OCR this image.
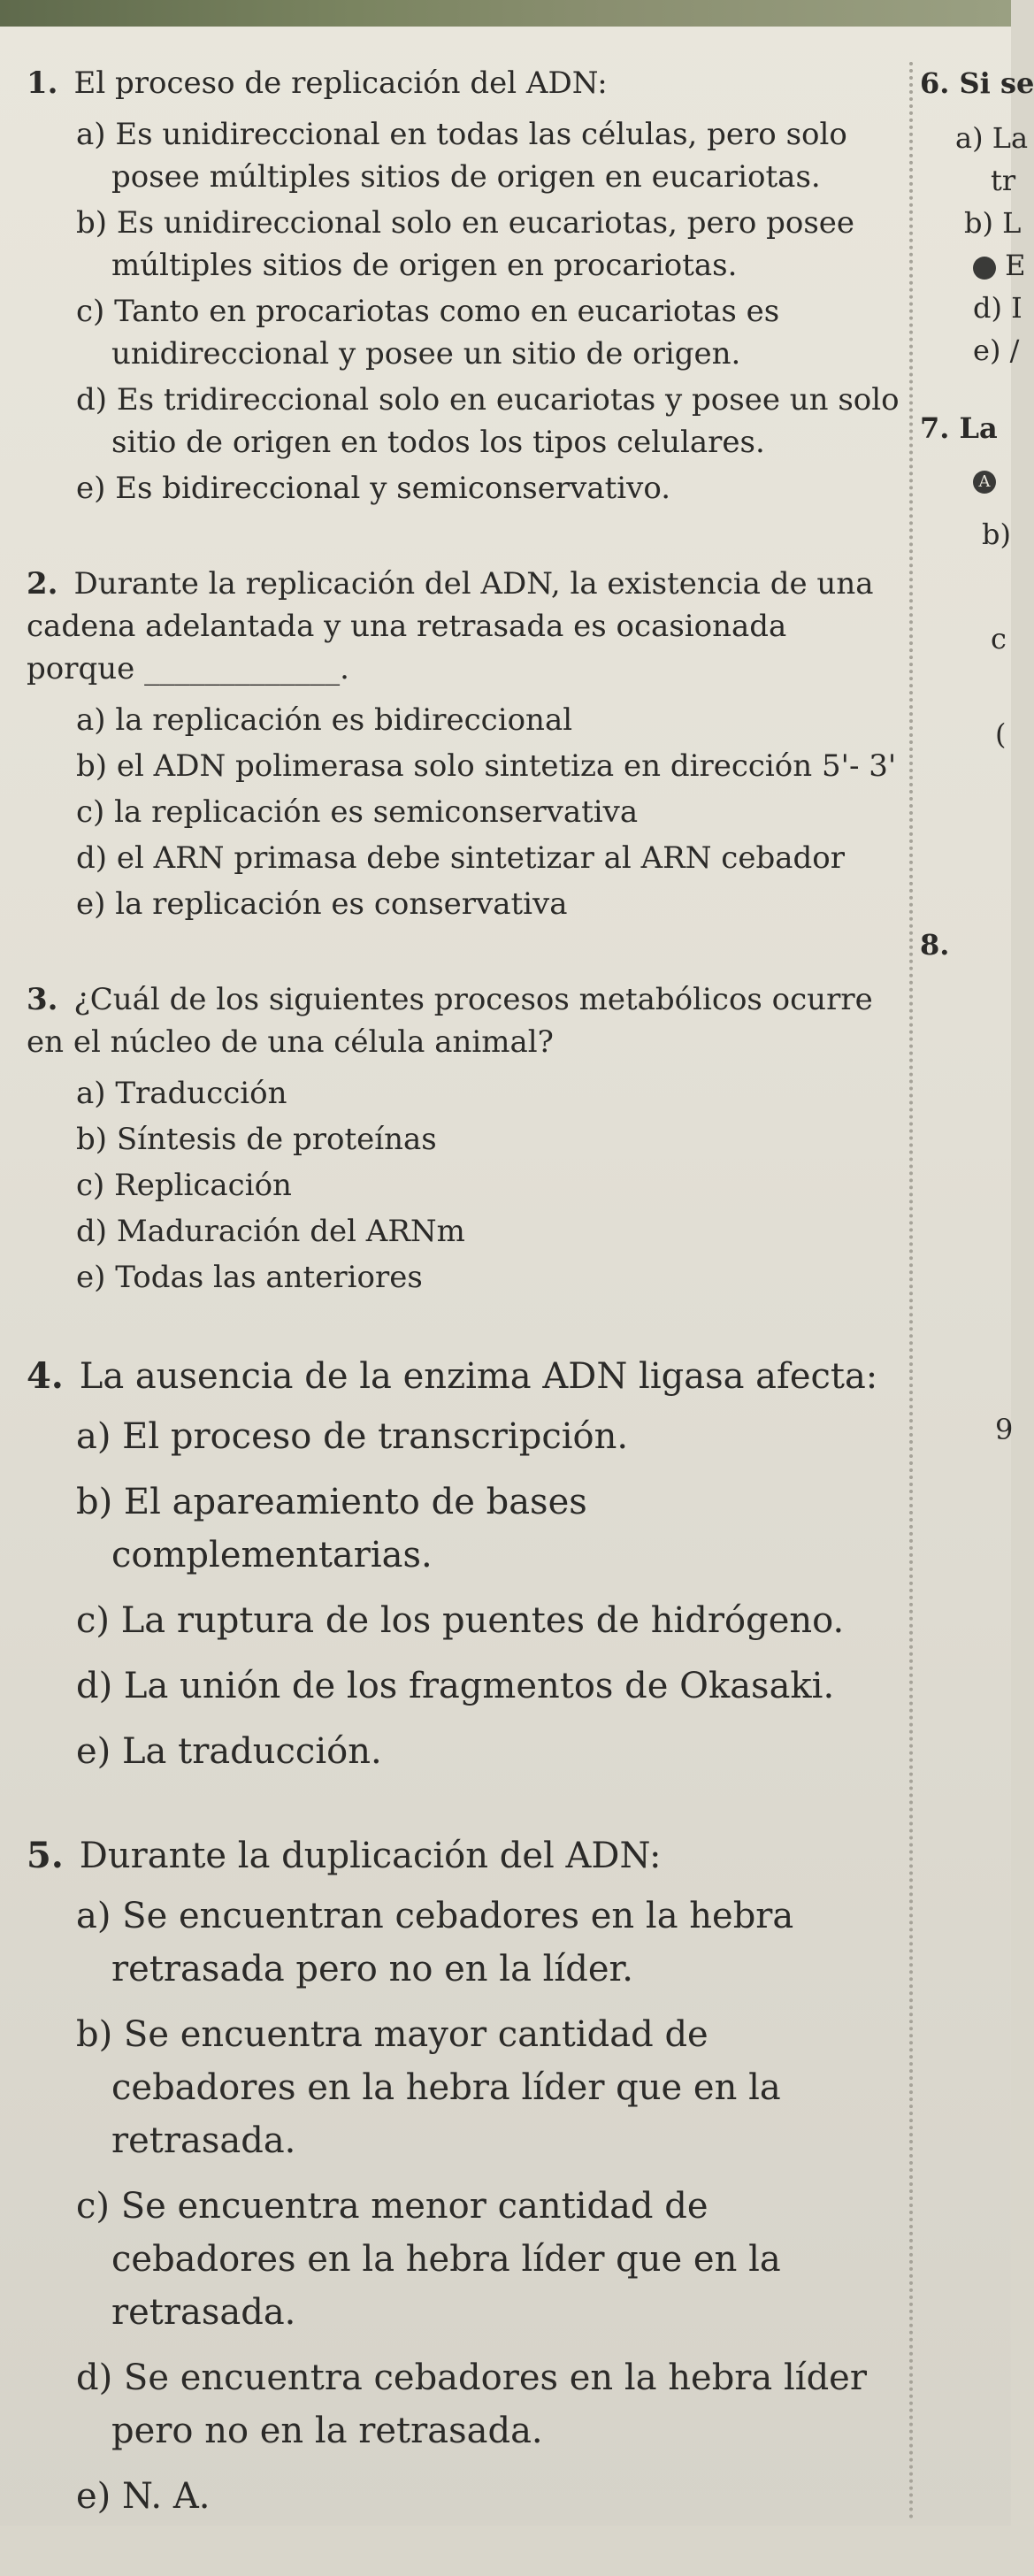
1. El proceso de replicación del ADN:

a) Es unidireccional en todas las células, pero solo posee múltiples sitios de origen en eucariotas.
b) Es unidireccional solo en eucariotas, pero posee múltiples sitios de origen en procariotas.
c) Tanto en procariotas como en eucariotas es unidireccional y posee un sitio de origen.
d) Es tridireccional solo en eucariotas y posee un solo sitio de origen en todos los tipos celulares.
e) Es bidireccional y semiconservativo.

2. Durante la replicación del ADN, la existencia de una cadena adelantada y una retrasada es ocasionada porque _____________.

a) la replicación es bidireccional
b) el ADN polimerasa solo sintetiza en dirección 5'- 3'
c) la replicación es semiconservativa
d) el ARN primasa debe sintetizar al ARN cebador
e) la replicación es conservativa

3. ¿Cuál de los siguientes procesos metabólicos ocurre en el núcleo de una célula animal?

a) Traducción
b) Síntesis de proteínas
c) Replicación
d) Maduración del ARNm
e) Todas las anteriores

4. La ausencia de la enzima ADN ligasa afecta:

a) El proceso de transcripción.
b) El apareamiento de bases complementarias.
c) La ruptura de los puentes de hidrógeno.
d) La unión de los fragmentos de Okasaki.
e) La traducción.

5. Durante la duplicación del ADN:

a) Se encuentran cebadores en la hebra retrasada pero no en la líder.
b) Se encuentra mayor cantidad de cebadores en la hebra líder que en la retrasada.
c) Se encuentra menor cantidad de cebadores en la hebra líder que en la retrasada.
d) Se encuentra cebadores en la hebra líder pero no en la retrasada.
e) N. A.
6. Si se
a) La
tr
b) L
E
d) I
e) /
7. La
A
b)
c
(
8.
9
